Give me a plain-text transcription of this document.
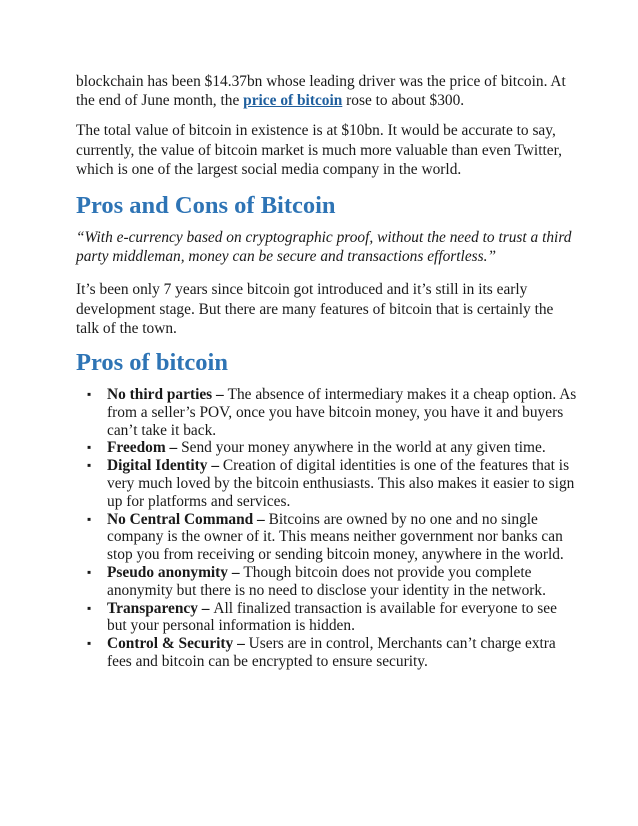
blockchain has been $14.37bn whose leading driver was the price of bitcoin. At the end of June month, the price of bitcoin rose to about $300.

The total value of bitcoin in existence is at $10bn. It would be accurate to say, currently, the value of bitcoin market is much more valuable than even Twitter, which is one of the largest social media company in the world.

Pros and Cons of Bitcoin

“With e-currency based on cryptographic proof, without the need to trust a third party middleman, money can be secure and transactions effortless.”

It’s been only 7 years since bitcoin got introduced and it’s still in its early development stage. But there are many features of bitcoin that is certainly the talk of the town.

Pros of bitcoin
▪ No third parties – The absence of intermediary makes it a cheap option. As from a seller’s POV, once you have bitcoin money, you have it and buyers can’t take it back.
▪ Freedom – Send your money anywhere in the world at any given time.
▪ Digital Identity – Creation of digital identities is one of the features that is very much loved by the bitcoin enthusiasts. This also makes it easier to sign up for platforms and services.
▪ No Central Command – Bitcoins are owned by no one and no single company is the owner of it. This means neither government nor banks can stop you from receiving or sending bitcoin money, anywhere in the world.
▪ Pseudo anonymity – Though bitcoin does not provide you complete anonymity but there is no need to disclose your identity in the network.
▪ Transparency – All finalized transaction is available for everyone to see but your personal information is hidden.
▪ Control & Security – Users are in control, Merchants can’t charge extra fees and bitcoin can be encrypted to ensure security.
